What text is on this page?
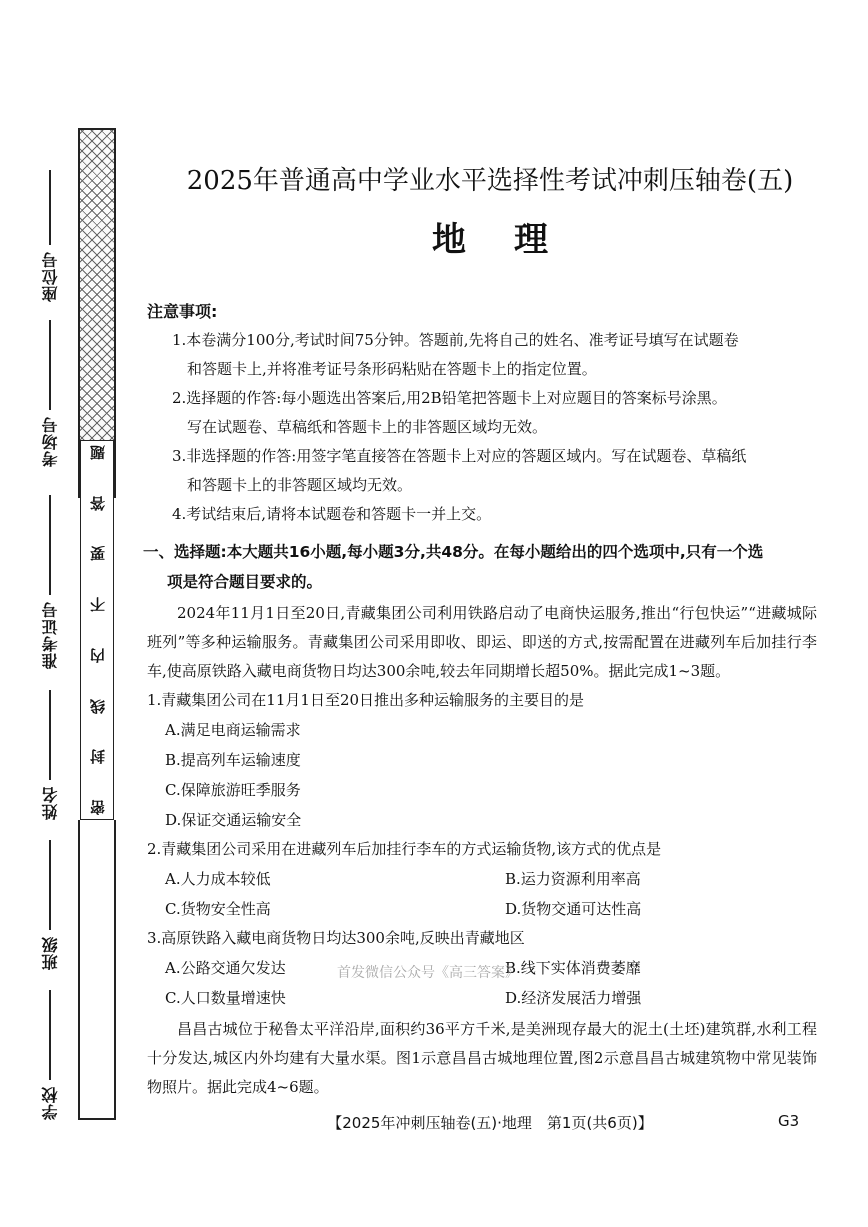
座位号
考场号
准考证号
姓名
班级
学校
题
答
要
不
内
线
封
密
2025年普通高中学业水平选择性考试冲刺压轴卷(五)
地理
注意事项:

1.本卷满分100分,考试时间75分钟。答题前,先将自己的姓名、准考证号填写在试题卷
和答题卡上,并将准考证号条形码粘贴在答题卡上的指定位置。

2.选择题的作答:每小题选出答案后,用2B铅笔把答题卡上对应题目的答案标号涂黑。
写在试题卷、草稿纸和答题卡上的非答题区域均无效。

3.非选择题的作答:用签字笔直接答在答题卡上对应的答题区域内。写在试题卷、草稿纸
和答题卡上的非答题区域均无效。

4.考试结束后,请将本试题卷和答题卡一并上交。

一、选择题:本大题共16小题,每小题3分,共48分。在每小题给出的四个选项中,只有一个选
项是符合题目要求的。

2024年11月1日至20日,青藏集团公司利用铁路启动了电商快运服务,推出“行包快运”“进藏城际班列”等多种运输服务。青藏集团公司采用即收、即运、即送的方式,按需配置在进藏列车后加挂行李车,使高原铁路入藏电商货物日均达300余吨,较去年同期增长超50%。据此完成1~3题。

1.青藏集团公司在11月1日至20日推出多种运输服务的主要目的是

A.满足电商运输需求

B.提高列车运输速度

C.保障旅游旺季服务

D.保证交通运输安全

2.青藏集团公司采用在进藏列车后加挂行李车的方式运输货物,该方式的优点是

A.人力成本较低	B.运力资源利用率高
C.货物安全性高	D.货物交通可达性高

3.高原铁路入藏电商货物日均达300余吨,反映出青藏地区

A.公路交通欠发达	B.线下实体消费萎靡
首发微信公众号《高三答案》
C.人口数量增速快	D.经济发展活力增强

昌昌古城位于秘鲁太平洋沿岸,面积约36平方千米,是美洲现存最大的泥土(土坯)建筑群,水利工程十分发达,城区内外均建有大量水渠。图1示意昌昌古城地理位置,图2示意昌昌古城建筑物中常见装饰物照片。据此完成4~6题。

【2025年冲刺压轴卷(五)·地理　第1页(共6页)】	G3
